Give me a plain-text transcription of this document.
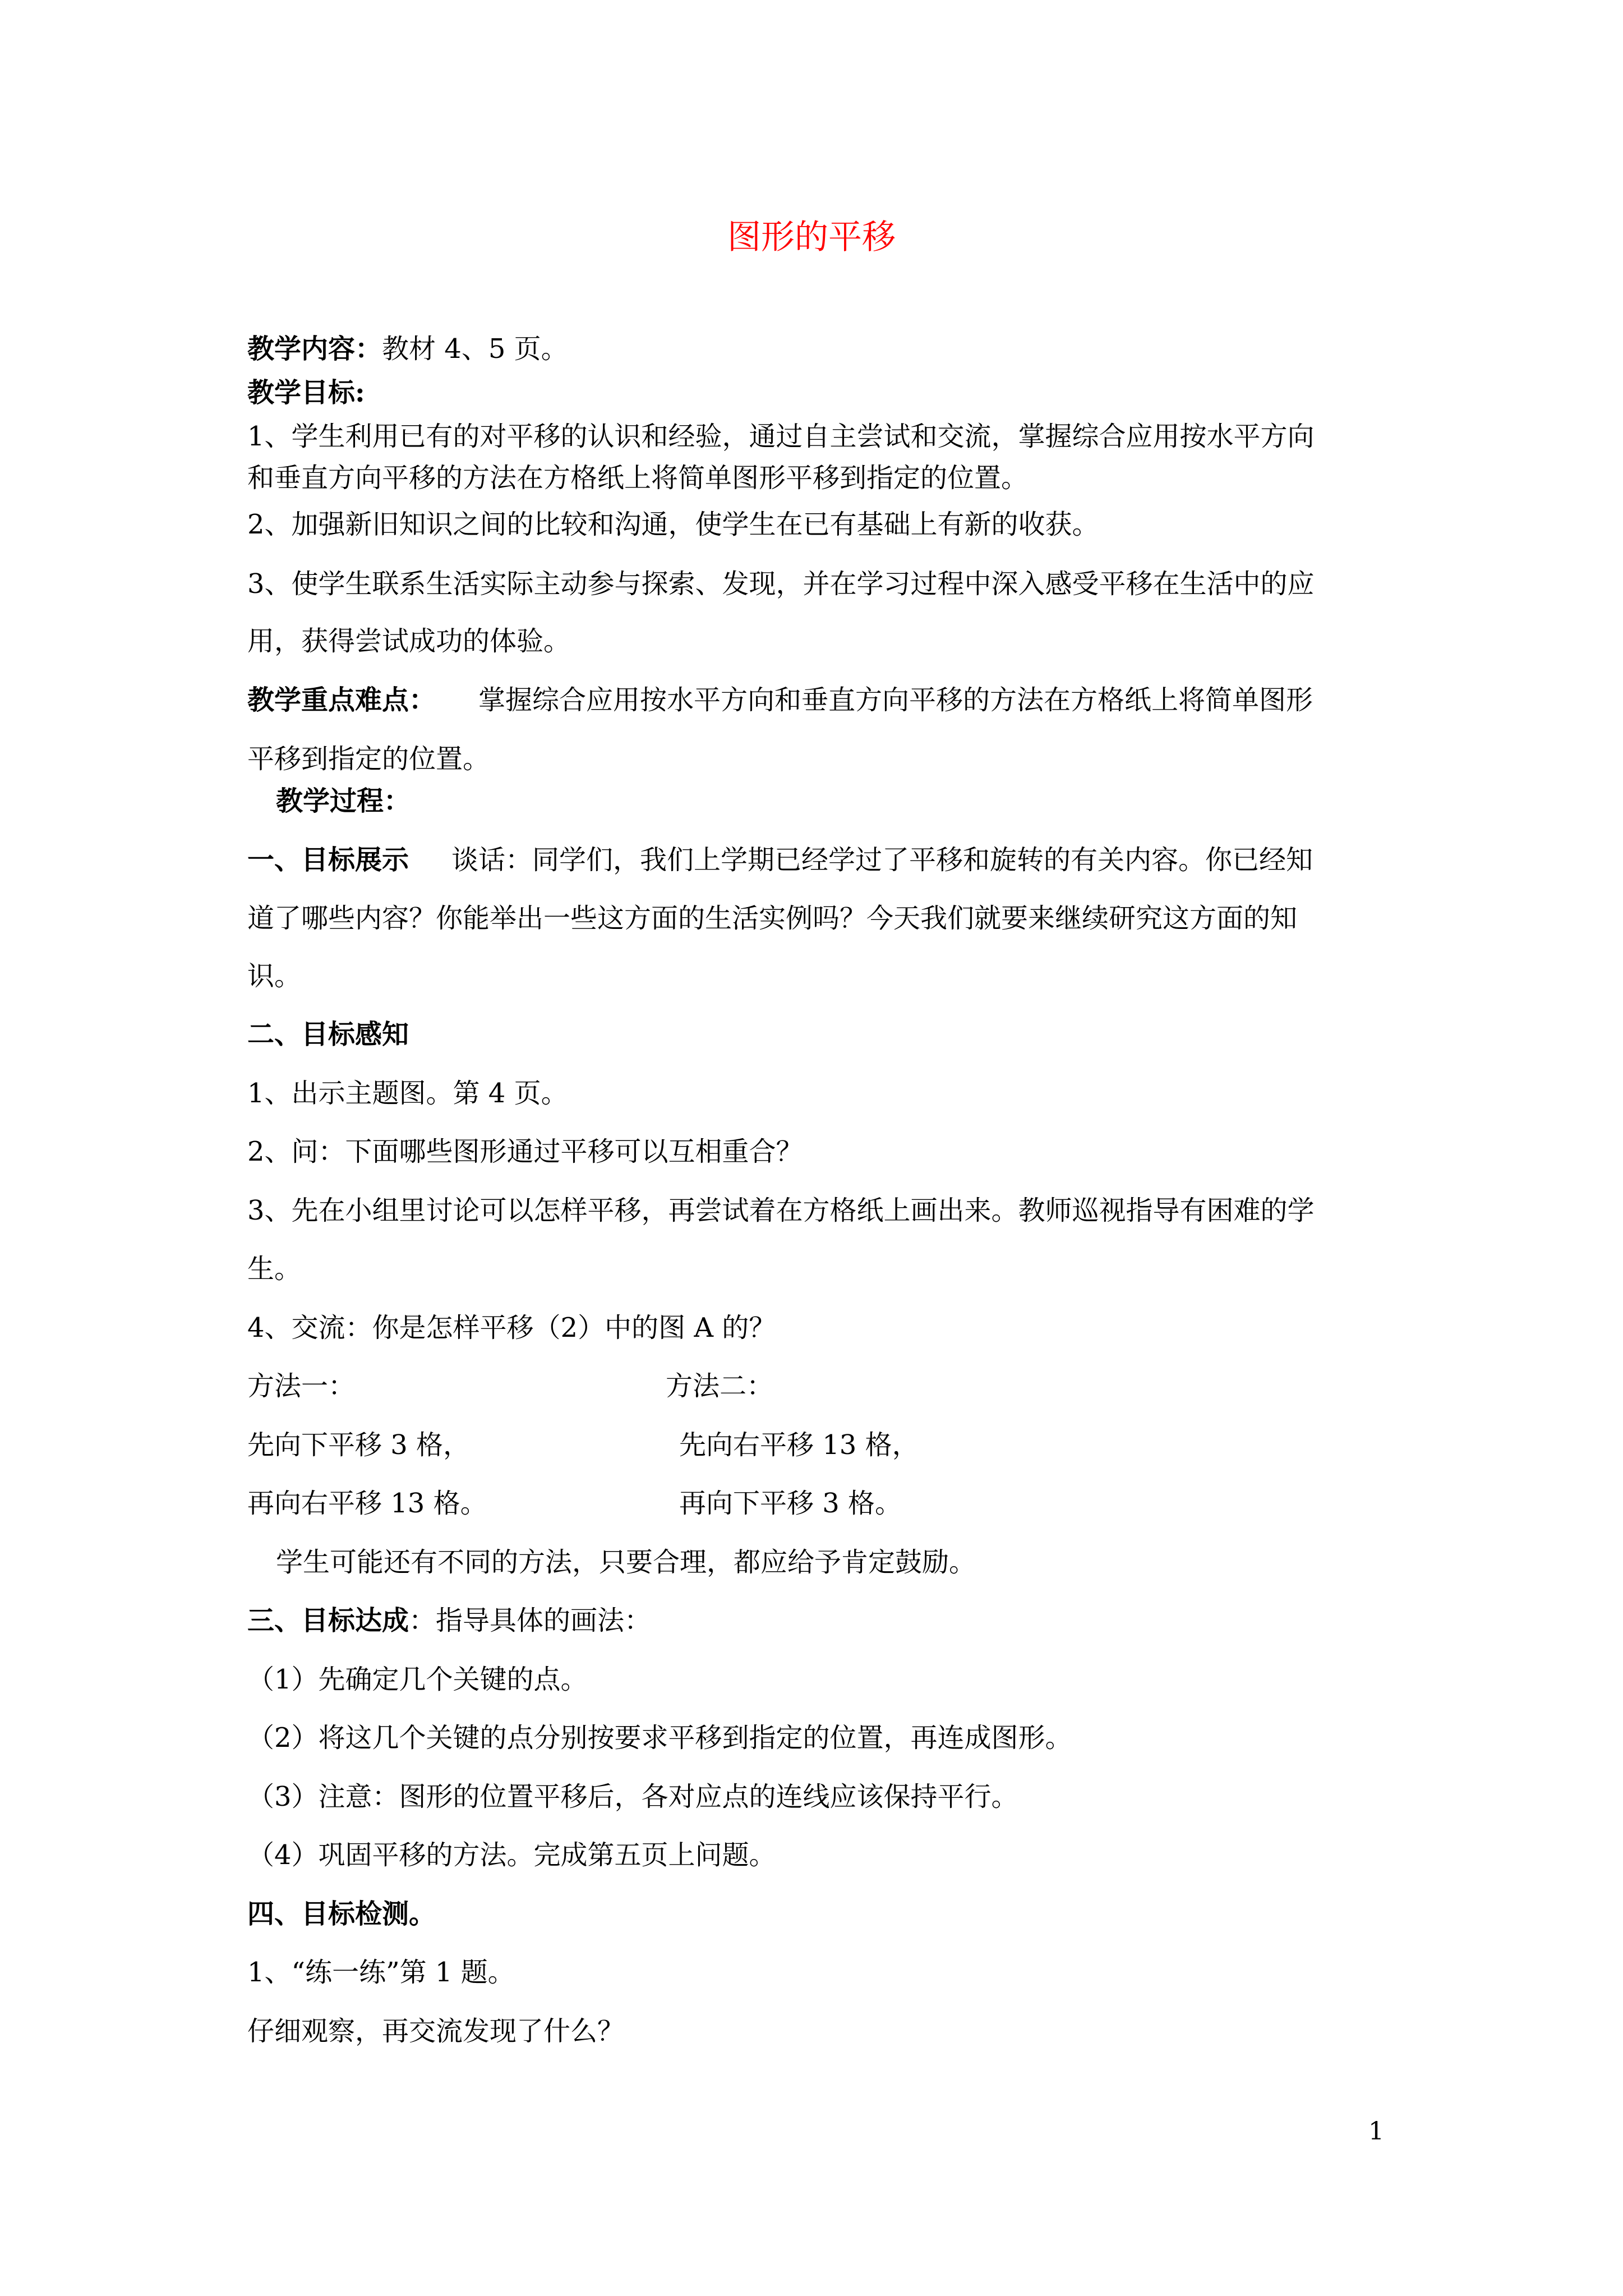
图形的平移
教学内容：教材 4、5 页。
教学目标:
1、学生利用已有的对平移的认识和经验，通过自主尝试和交流，掌握综合应用按水平方向
和垂直方向平移的方法在方格纸上将简单图形平移到指定的位置。
2、加强新旧知识之间的比较和沟通，使学生在已有基础上有新的收获。
3、使学生联系生活实际主动参与探索、发现，并在学习过程中深入感受平移在生活中的应
用，获得尝试成功的体验。
教学重点难点： 掌握综合应用按水平方向和垂直方向平移的方法在方格纸上将简单图形
平移到指定的位置。
教学过程：
一、目标展示 谈话：同学们，我们上学期已经学过了平移和旋转的有关内容。你已经知
道了哪些内容？你能举出一些这方面的生活实例吗？今天我们就要来继续研究这方面的知
识。
二、目标感知
1、出示主题图。第 4 页。
2、问：下面哪些图形通过平移可以互相重合？
3、先在小组里讨论可以怎样平移，再尝试着在方格纸上画出来。教师巡视指导有困难的学
生。
4、交流：你是怎样平移（2）中的图 A 的？
方法一：	方法二：
先向下平移 3 格，	先向右平移 13 格，
再向右平移 13 格。	再向下平移 3 格。
学生可能还有不同的方法，只要合理，都应给予肯定鼓励。
三、目标达成：指导具体的画法：
（1）先确定几个关键的点。
（2）将这几个关键的点分别按要求平移到指定的位置，再连成图形。
（3）注意：图形的位置平移后，各对应点的连线应该保持平行。
（4）巩固平移的方法。完成第五页上问题。
四、目标检测。
1、“练一练”第 1 题。
仔细观察，再交流发现了什么？
1
